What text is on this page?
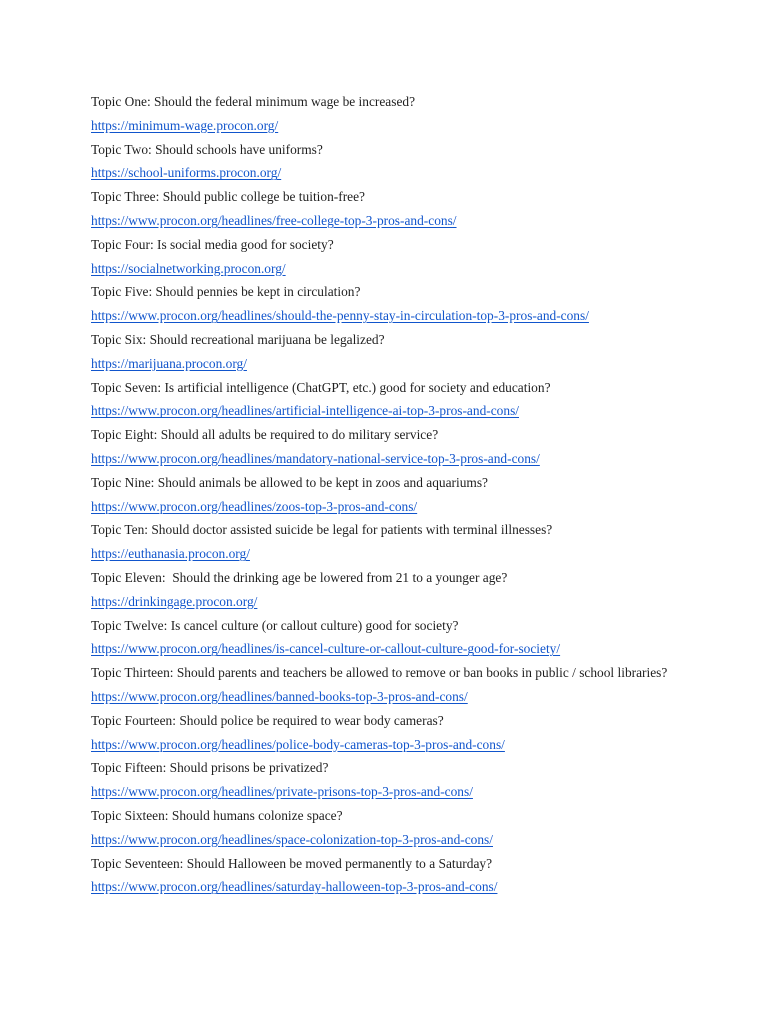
Topic One: Should the federal minimum wage be increased?
https://minimum-wage.procon.org/
Topic Two: Should schools have uniforms?
https://school-uniforms.procon.org/
Topic Three: Should public college be tuition-free?
https://www.procon.org/headlines/free-college-top-3-pros-and-cons/
Topic Four: Is social media good for society?
https://socialnetworking.procon.org/
Topic Five: Should pennies be kept in circulation?
https://www.procon.org/headlines/should-the-penny-stay-in-circulation-top-3-pros-and-cons/
Topic Six: Should recreational marijuana be legalized?
https://marijuana.procon.org/
Topic Seven: Is artificial intelligence (ChatGPT, etc.) good for society and education?
https://www.procon.org/headlines/artificial-intelligence-ai-top-3-pros-and-cons/
Topic Eight: Should all adults be required to do military service?
https://www.procon.org/headlines/mandatory-national-service-top-3-pros-and-cons/
Topic Nine: Should animals be allowed to be kept in zoos and aquariums?
https://www.procon.org/headlines/zoos-top-3-pros-and-cons/
Topic Ten: Should doctor assisted suicide be legal for patients with terminal illnesses?
https://euthanasia.procon.org/
Topic Eleven:  Should the drinking age be lowered from 21 to a younger age?
https://drinkingage.procon.org/
Topic Twelve: Is cancel culture (or callout culture) good for society?
https://www.procon.org/headlines/is-cancel-culture-or-callout-culture-good-for-society/
Topic Thirteen: Should parents and teachers be allowed to remove or ban books in public / school libraries?
https://www.procon.org/headlines/banned-books-top-3-pros-and-cons/
Topic Fourteen: Should police be required to wear body cameras?
https://www.procon.org/headlines/police-body-cameras-top-3-pros-and-cons/
Topic Fifteen: Should prisons be privatized?
https://www.procon.org/headlines/private-prisons-top-3-pros-and-cons/
Topic Sixteen: Should humans colonize space?
https://www.procon.org/headlines/space-colonization-top-3-pros-and-cons/
Topic Seventeen: Should Halloween be moved permanently to a Saturday?
https://www.procon.org/headlines/saturday-halloween-top-3-pros-and-cons/
